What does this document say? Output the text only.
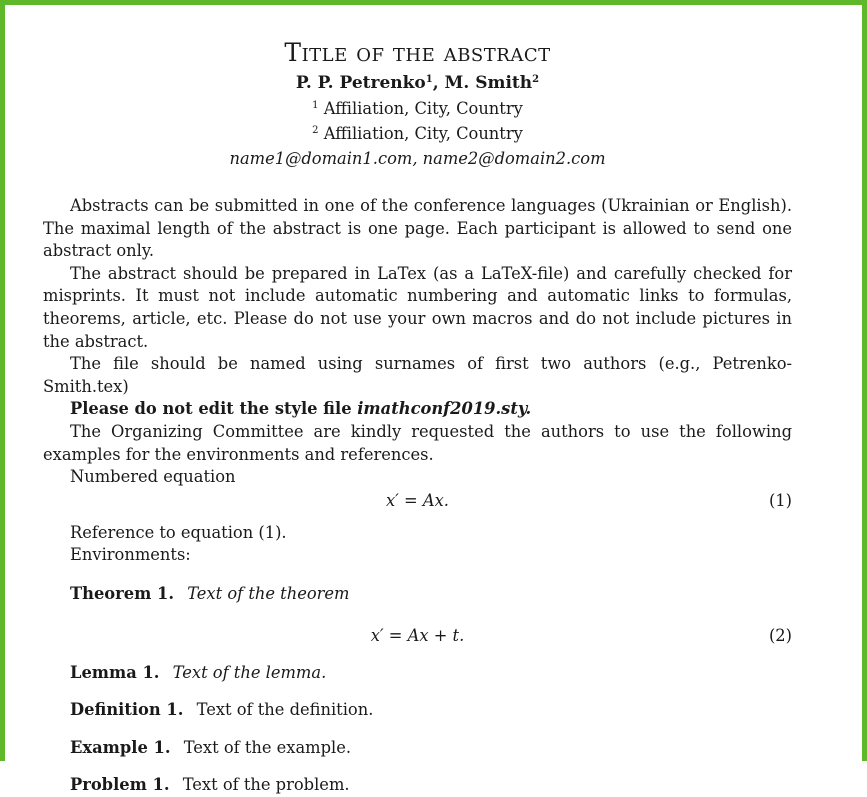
Title of the abstract
P. P. Petrenko$^1$, M. Smith$^2$
$^1$ Affiliation, City, Country
$^2$ Affiliation, City, Country
name1@domain1.com, name2@domain2.com

Abstracts can be submitted in one of the conference languages (Ukrainian or English). The maximal length of the abstract is one page. Each participant is allowed to send one abstract only.

The abstract should be prepared in LaTex (as a LaTeX-file) and carefully checked for misprints. It must not include automatic numbering and automatic links to formulas, theorems, article, etc. Please do not use your own macros and do not include pictures in the abstract.

The file should be named using surnames of first two authors (e.g., Petrenko-Smith.tex)

Please do not edit the style file imathconf2019.sty.

The Organizing Committee are kindly requested the authors to use the following examples for the environments and references.

Numbered equation

x′ = Ax.	(1)

Reference to equation (1).

Environments:

Theorem 1. Text of the theorem
x′ = Ax + t.	(2)
Lemma 1. Text of the lemma.
Definition 1. Text of the definition.
Example 1. Text of the example.
Problem 1. Text of the problem.
